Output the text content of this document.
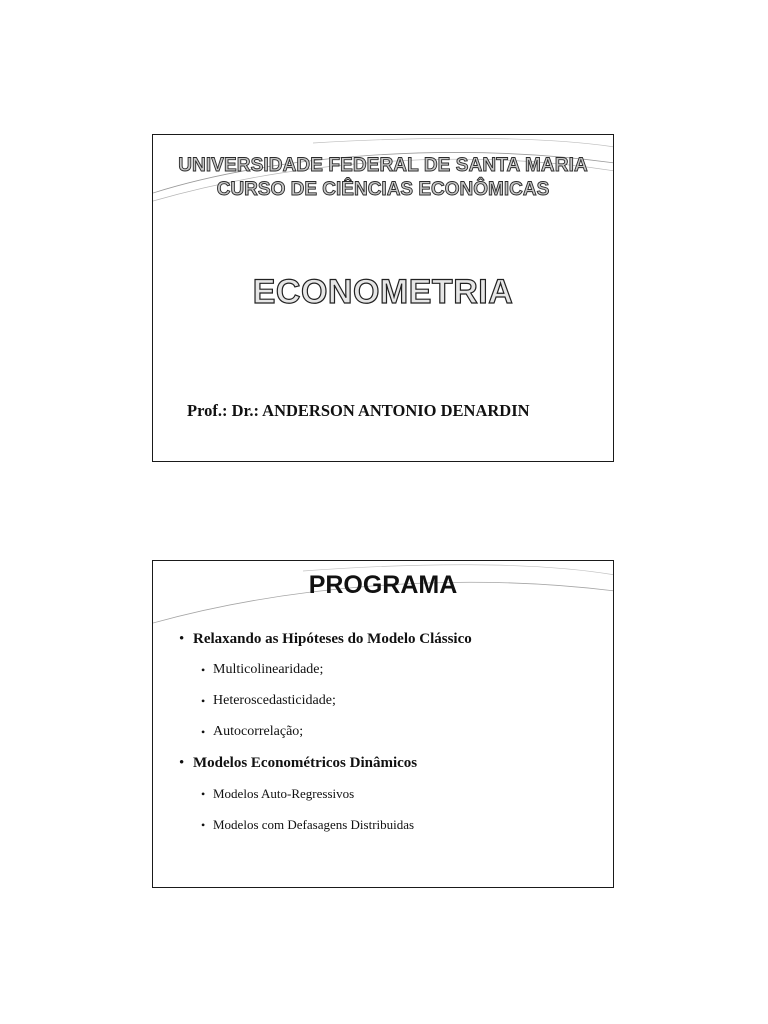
UNIVERSIDADE FEDERAL DE SANTA MARIA

CURSO DE CIÊNCIAS ECONÔMICAS

ECONOMETRIA

Prof.: Dr.: ANDERSON ANTONIO DENARDIN

PROGRAMA

• Relaxando as Hipóteses do Modelo Clássico
• Multicolinearidade;
• Heteroscedasticidade;
• Autocorrelação;
• Modelos Econométricos Dinâmicos
• Modelos Auto-Regressivos
• Modelos com Defasagens Distribuidas
